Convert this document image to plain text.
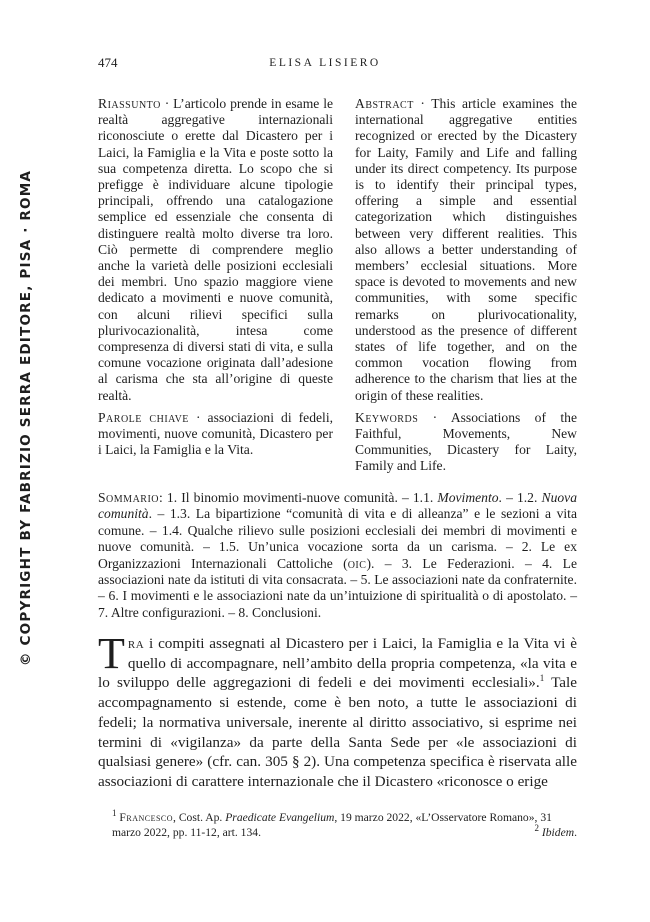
474	ELISA LISIERO
© COPYRIGHT BY FABRIZIO SERRA EDITORE, PISA · ROMA
Riassunto · L’articolo prende in esame le realtà aggregative internazionali riconosciute o erette dal Dicastero per i Laici, la Famiglia e la Vita e poste sotto la sua competenza diretta. Lo scopo che si prefigge è individuare alcune tipologie principali, offrendo una catalogazione semplice ed essenziale che consenta di distinguere realtà molto diverse tra loro. Ciò permette di comprendere meglio anche la varietà delle posizioni ecclesiali dei membri. Uno spazio maggiore viene dedicato a movimenti e nuove comunità, con alcuni rilievi specifici sulla plurivocazionalità, intesa come compresenza di diversi stati di vita, e sulla comune vocazione originata dall’adesione al carisma che sta all’origine di queste realtà.
Parole chiave · associazioni di fedeli, movimenti, nuove comunità, Dicastero per i Laici, la Famiglia e la Vita.
Abstract · This article examines the international aggregative entities recognized or erected by the Dicastery for Laity, Family and Life and falling under its direct competency. Its purpose is to identify their principal types, offering a simple and essential categorization which distinguishes between very different realities. This also allows a better understanding of members’ ecclesial situations. More space is devoted to movements and new communities, with some specific remarks on plurivocationality, understood as the presence of different states of life together, and on the common vocation flowing from adherence to the charism that lies at the origin of these realities.
Keywords · Associations of the Faithful, Movements, New Communities, Dicastery for Laity, Family and Life.
Sommario: 1. Il binomio movimenti-nuove comunità. – 1.1. Movimento. – 1.2. Nuova comunità. – 1.3. La bipartizione “comunità di vita e di alleanza” e le sezioni a vita comune. – 1.4. Qualche rilievo sulle posizioni ecclesiali dei membri di movimenti e nuove comunità. – 1.5. Un’unica vocazione sorta da un carisma. – 2. Le ex Organizzazioni Internazionali Cattoliche (oic). – 3. Le Federazioni. – 4. Le associazioni nate da istituti di vita consacrata. – 5. Le associazioni nate da confraternite. – 6. I movimenti e le associazioni nate da un’intuizione di spiritualità o di apostolato. – 7. Altre configurazioni. – 8. Conclusioni.
Tra i compiti assegnati al Dicastero per i Laici, la Famiglia e la Vita vi è quello di accompagnare, nell’ambito della propria competenza, «la vita e lo sviluppo delle aggregazioni di fedeli e dei movimenti ecclesiali».$^1$ Tale accompagnamento si estende, come è ben noto, a tutte le associazioni di fedeli; la normativa universale, inerente al diritto associativo, si esprime nei termini di «vigilanza» da parte della Santa Sede per «le associazioni di qualsiasi genere» (cfr. can. 305 § 2). Una competenza specifica è riservata alle associazioni di carattere internazionale che il Dicastero «riconosce o erige
$^1$ Francesco, Cost. Ap. Praedicate Evangelium, 19 marzo 2022, «L’Osservatore Romano», 31 marzo 2022, pp. 11-12, art. 134.	$^2$ Ibidem.
